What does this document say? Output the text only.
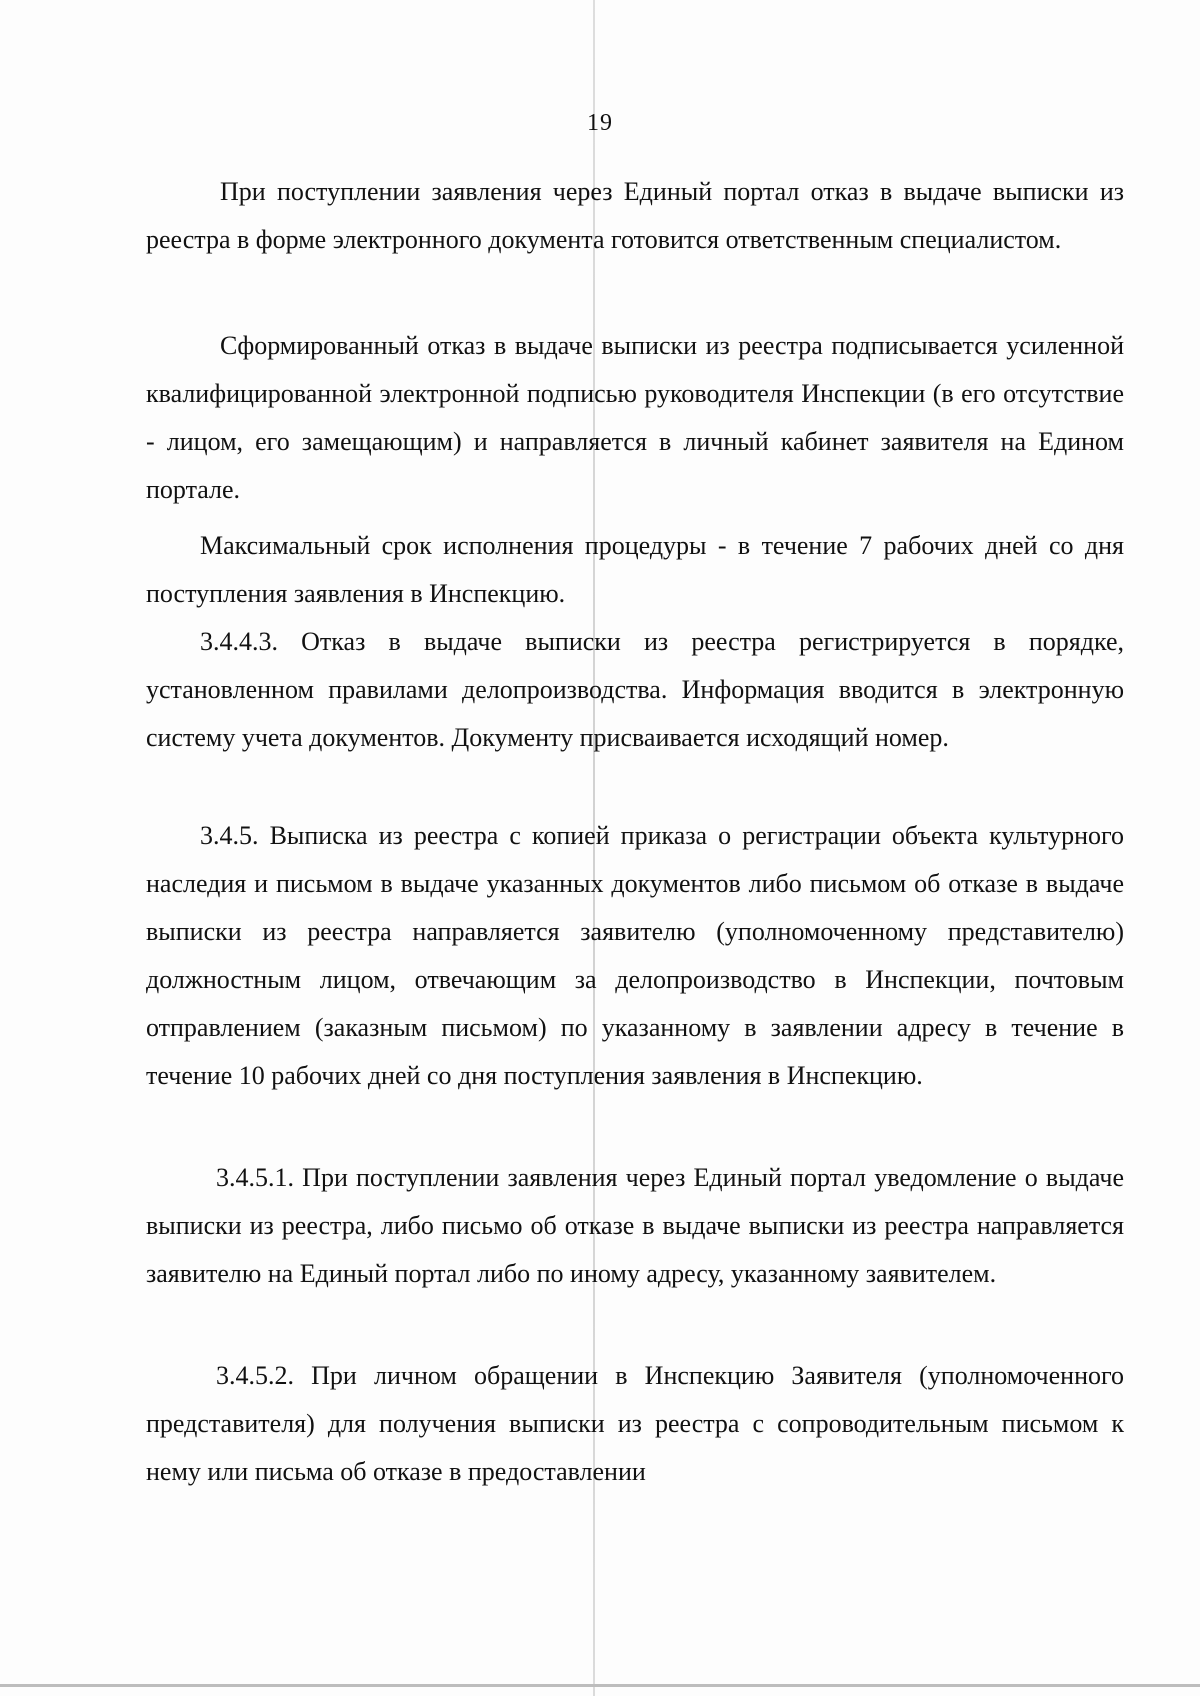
19

При поступлении заявления через Единый портал отказ в выдаче выписки из реестра в форме электронного документа готовится ответственным специалистом.

Сформированный отказ в выдаче выписки из реестра подписывается усиленной квалифицированной электронной подписью руководителя Инспекции (в его отсутствие - лицом, его замещающим) и направляется в личный кабинет заявителя на Едином портале.

Максимальный срок исполнения процедуры - в течение 7 рабочих дней со дня поступления заявления в Инспекцию.

3.4.4.3. Отказ в выдаче выписки из реестра регистрируется в порядке, установленном правилами делопроизводства. Информация вводится в электронную систему учета документов. Документу присваивается исходящий номер.

3.4.5. Выписка из реестра с копией приказа о регистрации объекта культурного наследия и письмом в выдаче указанных документов либо письмом об отказе в выдаче выписки из реестра направляется заявителю (уполномоченному представителю) должностным лицом, отвечающим за делопроизводство в Инспекции, почтовым отправлением (заказным письмом) по указанному в заявлении адресу в течение в течение 10 рабочих дней со дня поступления заявления в Инспекцию.

3.4.5.1. При поступлении заявления через Единый портал уведомление о выдаче выписки из реестра, либо письмо об отказе в выдаче выписки из реестра направляется заявителю на Единый портал либо по иному адресу, указанному заявителем.

3.4.5.2. При личном обращении в Инспекцию Заявителя (уполномоченного представителя) для получения выписки из реестра с сопроводительным письмом к нему или письма об отказе в предоставлении
